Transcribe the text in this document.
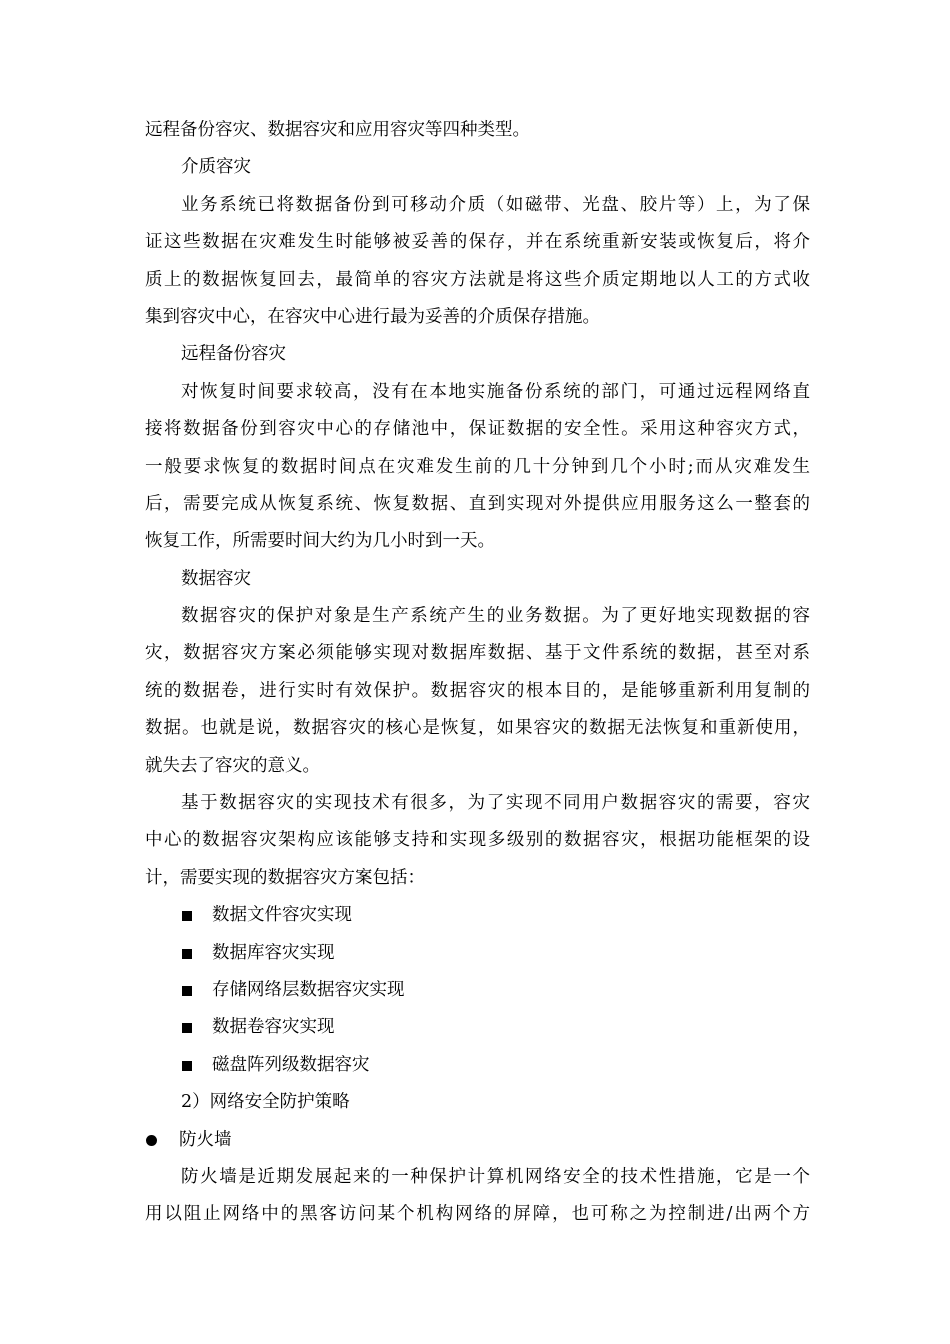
远程备份容灾、数据容灾和应用容灾等四种类型。
介质容灾
业务系统已将数据备份到可移动介质（如磁带、光盘、胶片等）上，为了保
证这些数据在灾难发生时能够被妥善的保存，并在系统重新安装或恢复后，将介
质上的数据恢复回去，最简单的容灾方法就是将这些介质定期地以人工的方式收
集到容灾中心，在容灾中心进行最为妥善的介质保存措施。
远程备份容灾
对恢复时间要求较高，没有在本地实施备份系统的部门，可通过远程网络直
接将数据备份到容灾中心的存储池中，保证数据的安全性。采用这种容灾方式，
一般要求恢复的数据时间点在灾难发生前的几十分钟到几个小时;而从灾难发生
后，需要完成从恢复系统、恢复数据、直到实现对外提供应用服务这么一整套的
恢复工作，所需要时间大约为几小时到一天。
数据容灾
数据容灾的保护对象是生产系统产生的业务数据。为了更好地实现数据的容
灾，数据容灾方案必须能够实现对数据库数据、基于文件系统的数据，甚至对系
统的数据卷，进行实时有效保护。数据容灾的根本目的，是能够重新利用复制的
数据。也就是说，数据容灾的核心是恢复，如果容灾的数据无法恢复和重新使用，
就失去了容灾的意义。
基于数据容灾的实现技术有很多，为了实现不同用户数据容灾的需要，容灾
中心的数据容灾架构应该能够支持和实现多级别的数据容灾，根据功能框架的设
计，需要实现的数据容灾方案包括：
数据文件容灾实现
数据库容灾实现
存储网络层数据容灾实现
数据卷容灾实现
磁盘阵列级数据容灾
2）网络安全防护策略
防火墙
防火墙是近期发展起来的一种保护计算机网络安全的技术性措施，它是一个
用以阻止网络中的黑客访问某个机构网络的屏障，也可称之为控制进/出两个方
